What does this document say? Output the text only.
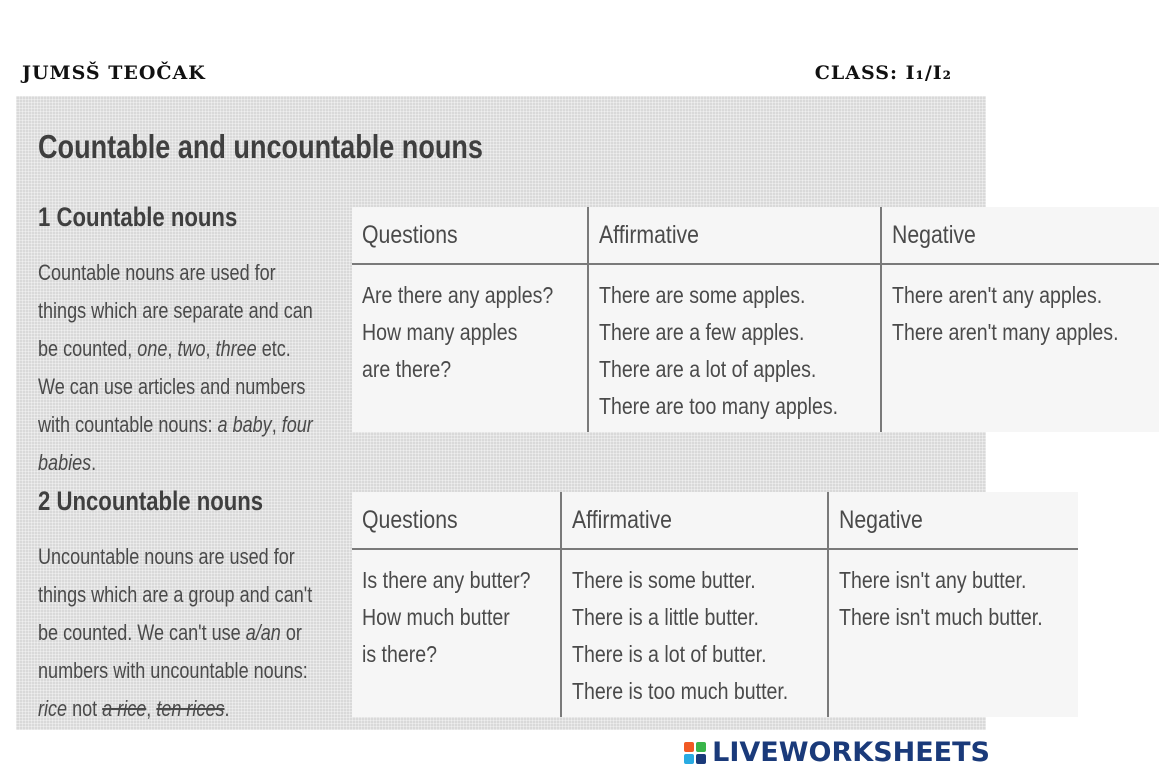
JUMSŠ TEOČAK	CLASS: I₁/I₂
Countable and uncountable nouns
1 Countable nouns

Countable nouns are used for things which are separate and can be counted, one, two, three etc. We can use articles and numbers with countable nouns: a baby, four babies.

Questions	Affirmative	Negative

Are there any apples?
How many apples
are there?	There are some apples.
There are a few apples.
There are a lot of apples.
There are too many apples.	There aren't any apples.
There aren't many apples.
2 Uncountable nouns

Uncountable nouns are used for things which are a group and can't be counted. We can't use a/an or numbers with uncountable nouns: rice not a rice, ten rices.

Questions	Affirmative	Negative

Is there any butter?
How much butter
is there?	There is some butter.
There is a little butter.
There is a lot of butter.
There is too much butter.	There isn't any butter.
There isn't much butter.
LIVEWORKSHEETS
